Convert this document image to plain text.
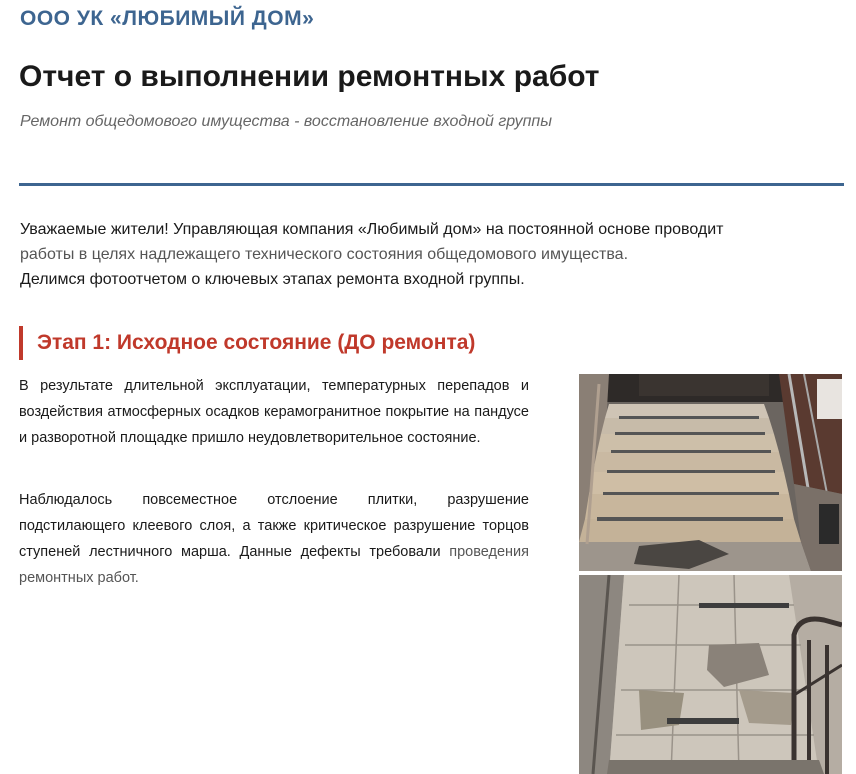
ООО УК «ЛЮБИМЫЙ ДОМ»
Отчет о выполнении ремонтных работ
Ремонт общедомового имущества - восстановление входной группы
Уважаемые жители! Управляющая компания «Любимый дом» на постоянной основе проводит
работы в целях надлежащего технического состояния общедомового имущества.
Делимся фотоотчетом о ключевых этапах ремонта входной группы.
Этап 1: Исходное состояние (ДО ремонта)
В результате длительной эксплуатации, температурных перепадов и воздействия атмосферных осадков керамогранитное покрытие на пандусе и разворотной площадке пришло неудовлетворительное состояние.
Наблюдалось повсеместное отслоение плитки, разрушение подстилающего клеевого слоя, а также критическое разрушение торцов ступеней лестничного марша. Данные дефекты требовали проведения ремонтных работ.
